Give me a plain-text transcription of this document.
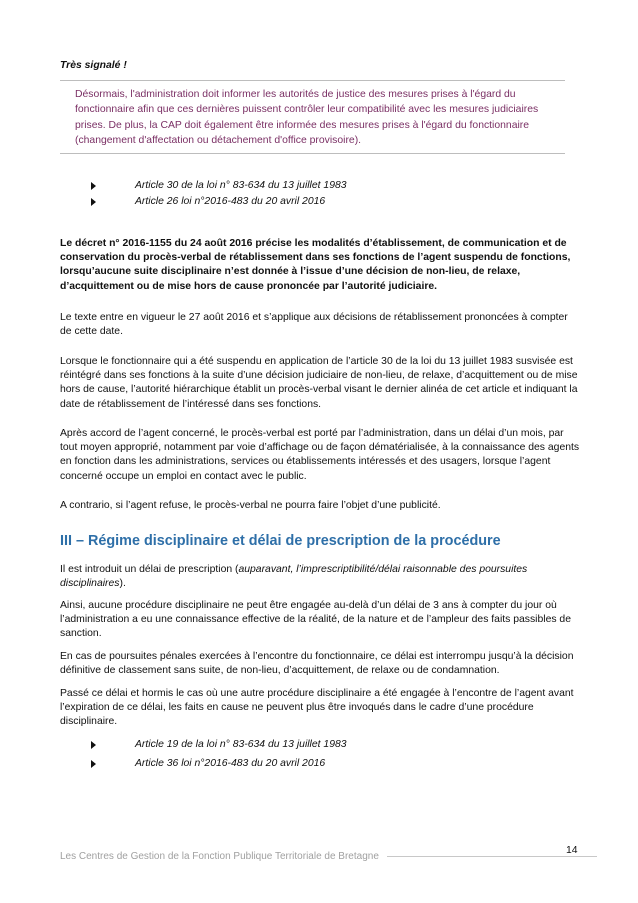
Très signalé !

Désormais, l'administration doit informer les autorités de justice des mesures prises à l'égard du fonctionnaire afin que ces dernières puissent contrôler leur compatibilité avec les mesures judiciaires prises. De plus, la CAP doit également être informée des mesures prises à l'égard du fonctionnaire (changement d'affectation ou détachement d'office provisoire).

Article 30 de la loi n° 83-634 du 13 juillet 1983
Article 26 loi n°2016-483 du 20 avril 2016

Le décret n° 2016-1155 du 24 août 2016 précise les modalités d’établissement, de communication et de conservation du procès-verbal de rétablissement dans ses fonctions de l’agent suspendu de fonctions, lorsqu’aucune suite disciplinaire n’est donnée à l’issue d’une décision de non-lieu, de relaxe, d’acquittement ou de mise hors de cause prononcée par l’autorité judiciaire.

Le texte entre en vigueur le 27 août 2016 et s’applique aux décisions de rétablissement prononcées à compter de cette date.

Lorsque le fonctionnaire qui a été suspendu en application de l’article 30 de la loi du 13 juillet 1983 susvisée est réintégré dans ses fonctions à la suite d’une décision judiciaire de non-lieu, de relaxe, d’acquittement ou de mise hors de cause, l’autorité hiérarchique établit un procès-verbal visant le dernier alinéa de cet article et indiquant la date de rétablissement de l’intéressé dans ses fonctions.

Après accord de l’agent concerné, le procès-verbal est porté par l’administration, dans un délai d’un mois, par tout moyen approprié, notamment par voie d’affichage ou de façon dématérialisée, à la connaissance des agents en fonction dans les administrations, services ou établissements intéressés et des usagers, lorsque l’agent concerné occupe un emploi en contact avec le public.

A contrario, si l’agent refuse, le procès-verbal ne pourra faire l’objet d’une publicité.

III – Régime disciplinaire et délai de prescription de la procédure

Il est introduit un délai de prescription (auparavant, l’imprescriptibilité/délai raisonnable des poursuites disciplinaires).

Ainsi, aucune procédure disciplinaire ne peut être engagée au-delà d’un délai de 3 ans à compter du jour où l’administration a eu une connaissance effective de la réalité, de la nature et de l’ampleur des faits passibles de sanction.

En cas de poursuites pénales exercées à l’encontre du fonctionnaire, ce délai est interrompu jusqu’à la décision définitive de classement sans suite, de non-lieu, d’acquittement, de relaxe ou de condamnation.

Passé ce délai et hormis le cas où une autre procédure disciplinaire a été engagée à l’encontre de l’agent avant l’expiration de ce délai, les faits en cause ne peuvent plus être invoqués dans le cadre d’une procédure disciplinaire.

Article 19 de la loi n° 83-634 du 13 juillet 1983
Article 36 loi n°2016-483 du 20 avril 2016
14
Les Centres de Gestion de la Fonction Publique Territoriale de Bretagne
